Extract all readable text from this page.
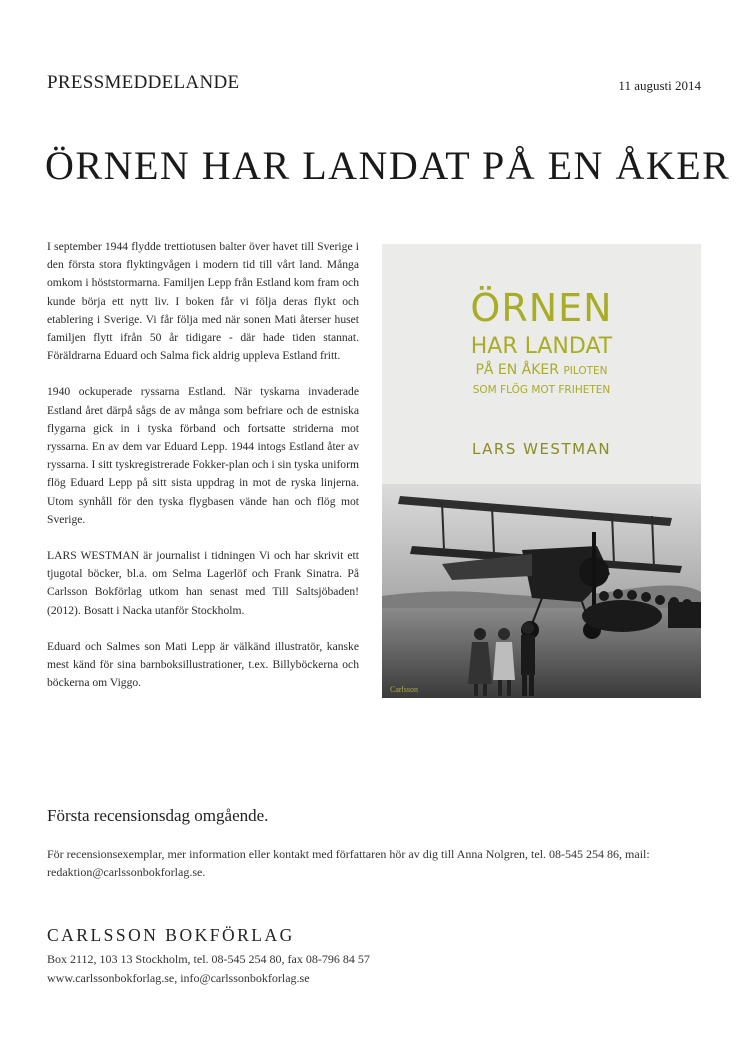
PRESSMEDDELANDE	11 augusti 2014
ÖRNEN HAR LANDAT PÅ EN ÅKER

I september 1944 flydde trettiotusen balter över havet till Sverige i den första stora flyktingvågen i modern tid till vårt land. Många omkom i höststormarna. Familjen Lepp från Estland kom fram och kunde börja ett nytt liv. I boken får vi följa deras flykt och etablering i Sverige. Vi får följa med när sonen Mati återser huset familjen flytt ifrån 50 år tidigare - där hade tiden stannat. Föräldrarna Eduard och Salma fick aldrig uppleva Estland fritt.

1940 ockuperade ryssarna Estland. När tyskarna invaderade Estland året därpå sågs de av många som befriare och de estniska flygarna gick in i tyska förband och fortsatte striderna mot ryssarna. En av dem var Eduard Lepp. 1944 intogs Estland åter av ryssarna. I sitt tyskregistrerade Fokker-plan och i sin tyska uniform flög Eduard Lepp på sitt sista uppdrag in mot de ryska linjerna. Utom synhåll för den tyska flygbasen vände han och flög mot Sverige.

LARS WESTMAN är journalist i tidningen Vi och har skrivit ett tjugotal böcker, bl.a. om Selma Lagerlöf och Frank Sinatra. På Carlsson Bokförlag utkom han senast med Till Saltsjöbaden! (2012). Bosatt i Nacka utanför Stockholm.

Eduard och Salmes son Mati Lepp är välkänd illustratör, kanske mest känd för sina barnboksillustrationer, t.ex. Billyböckerna och böckerna om Viggo.

ÖRNEN
HAR LANDAT
PÅ EN ÅKER PILOTEN
SOM FLÖG MOT FRIHETEN
LARS WESTMAN
Carlsson
Första recensionsdag omgående.
För recensionsexemplar, mer information eller kontakt med författaren hör av dig till Anna Nolgren, tel. 08-545 254 86, mail: redaktion@carlssonbokforlag.se.
CARLSSON BOKFÖRLAG
Box 2112, 103 13 Stockholm, tel. 08-545 254 80, fax 08-796 84 57
www.carlssonbokforlag.se, info@carlssonbokforlag.se
